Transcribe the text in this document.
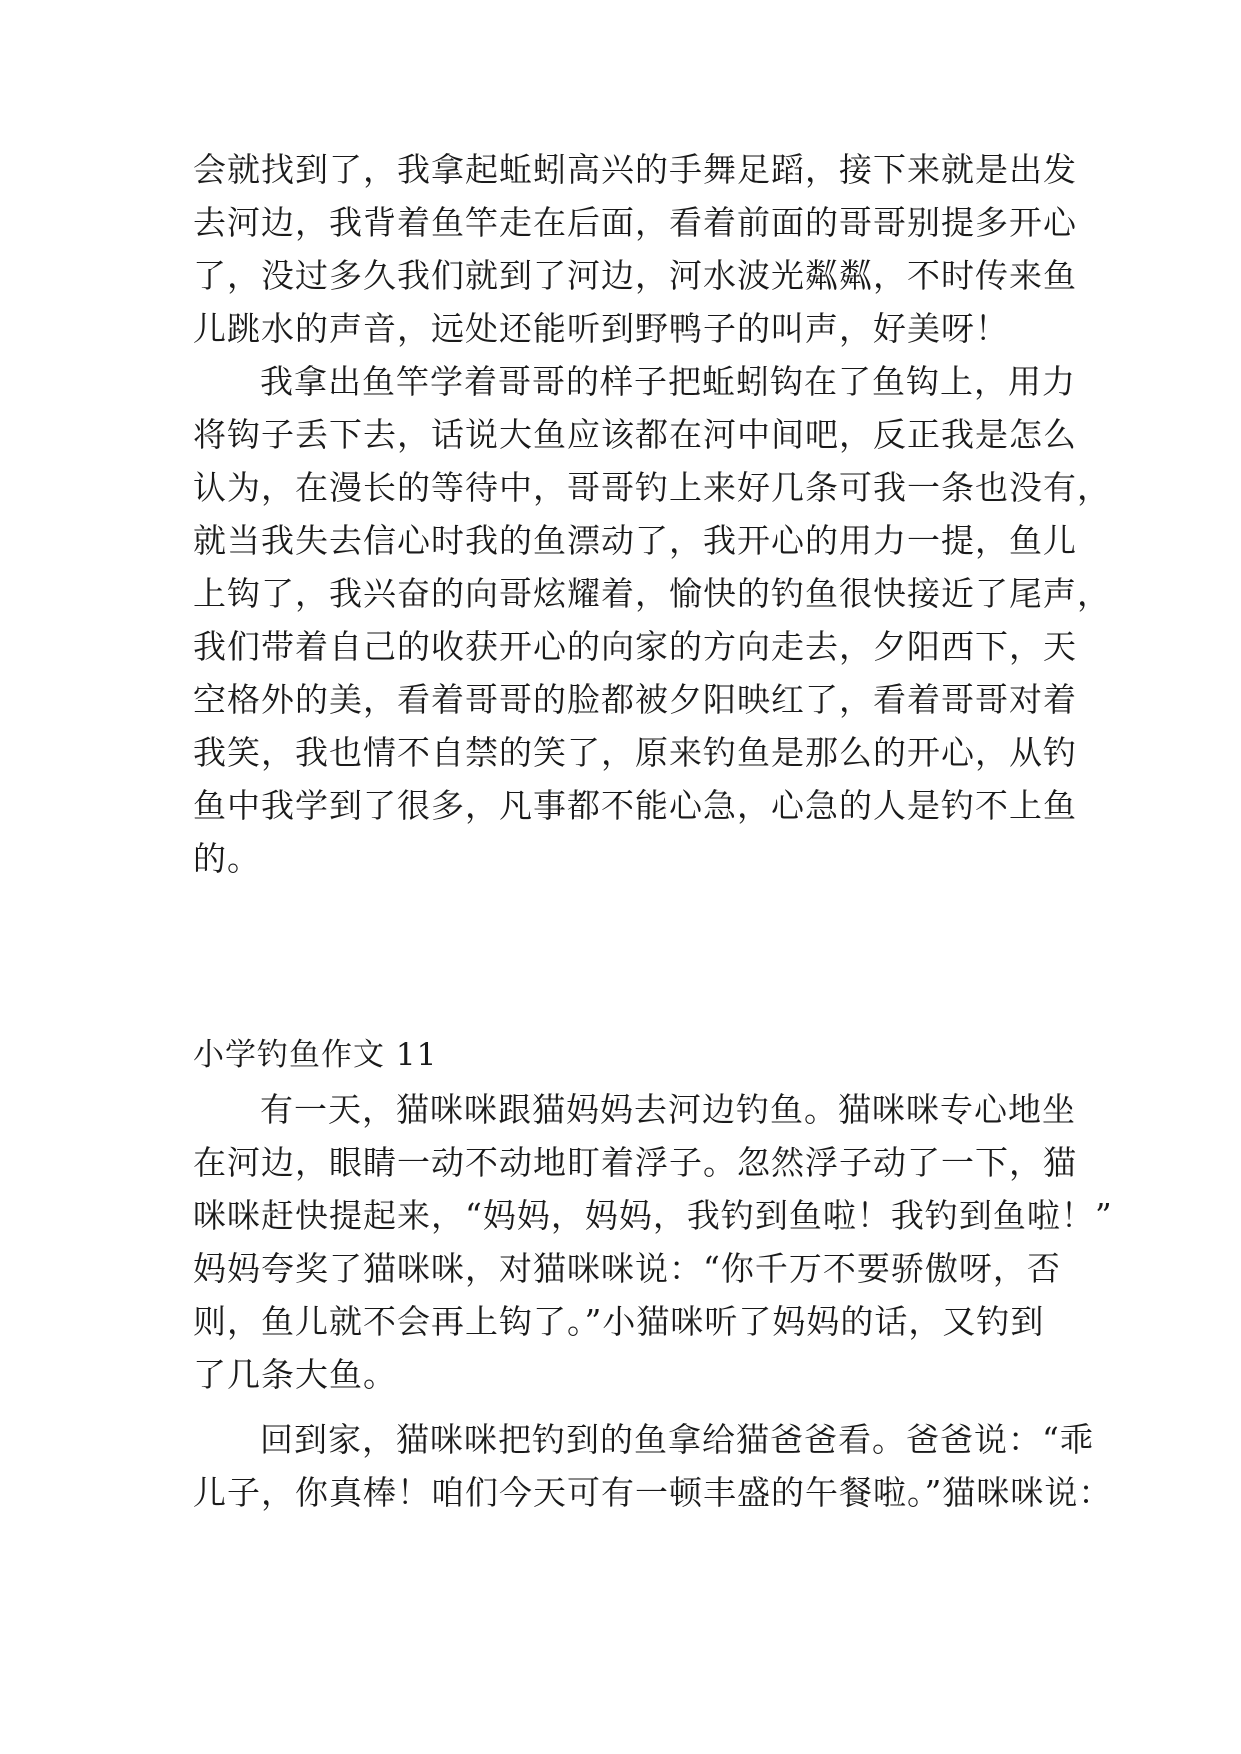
会就找到了，我拿起蚯蚓高兴的手舞足蹈，接下来就是出发
去河边，我背着鱼竿走在后面，看着前面的哥哥别提多开心
了，没过多久我们就到了河边，河水波光粼粼，不时传来鱼
儿跳水的声音，远处还能听到野鸭子的叫声，好美呀！
我拿出鱼竿学着哥哥的样子把蚯蚓钩在了鱼钩上，用力
将钩子丢下去，话说大鱼应该都在河中间吧，反正我是怎么
认为，在漫长的等待中，哥哥钓上来好几条可我一条也没有，
就当我失去信心时我的鱼漂动了，我开心的用力一提，鱼儿
上钩了，我兴奋的向哥炫耀着，愉快的钓鱼很快接近了尾声，
我们带着自己的收获开心的向家的方向走去，夕阳西下，天
空格外的美，看着哥哥的脸都被夕阳映红了，看着哥哥对着
我笑，我也情不自禁的笑了，原来钓鱼是那么的开心，从钓
鱼中我学到了很多，凡事都不能心急，心急的人是钓不上鱼
的。
小学钓鱼作文 11
有一天，猫咪咪跟猫妈妈去河边钓鱼。猫咪咪专心地坐
在河边，眼睛一动不动地盯着浮子。忽然浮子动了一下，猫
咪咪赶快提起来，“妈妈，妈妈，我钓到鱼啦！我钓到鱼啦！”
妈妈夸奖了猫咪咪，对猫咪咪说：“你千万不要骄傲呀，否
则，鱼儿就不会再上钩了。”小猫咪听了妈妈的话，又钓到
了几条大鱼。
回到家，猫咪咪把钓到的鱼拿给猫爸爸看。爸爸说：“乖
儿子，你真棒！咱们今天可有一顿丰盛的午餐啦。”猫咪咪说：
